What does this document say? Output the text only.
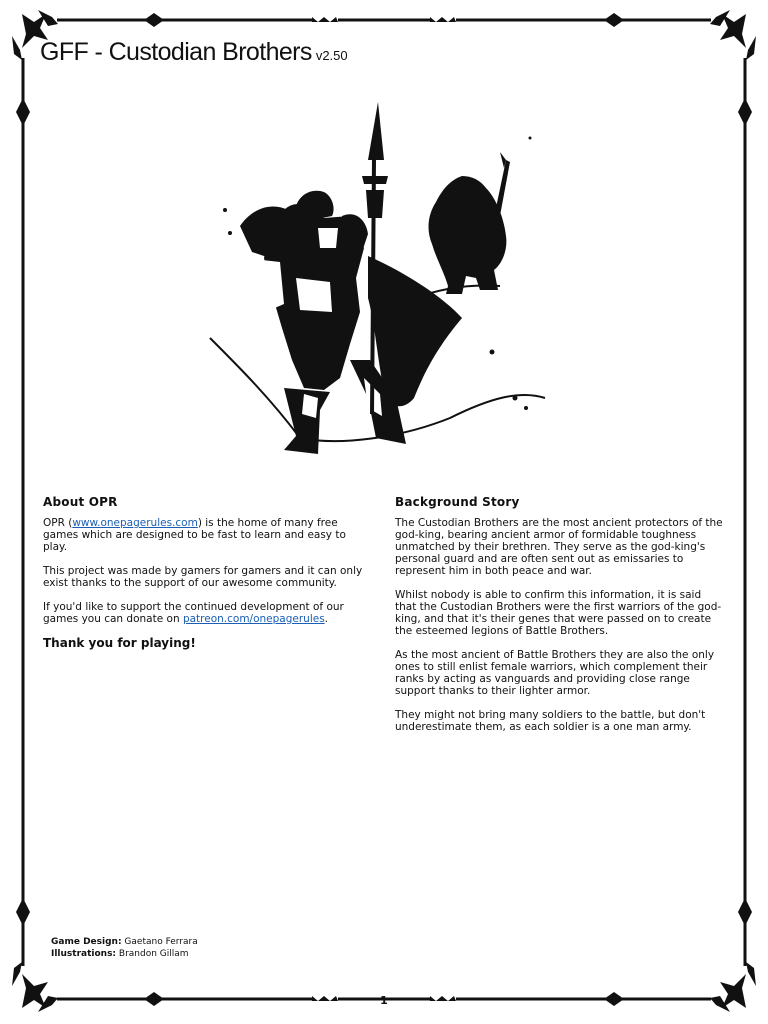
GFF - Custodian Brothers v2.50
About OPR

OPR (www.onepagerules.com) is the home of many free games which are designed to be fast to learn and easy to play.

This project was made by gamers for gamers and it can only exist thanks to the support of our awesome community.

If you'd like to support the continued development of our games you can donate on patreon.com/onepagerules.

Thank you for playing!

Background Story

The Custodian Brothers are the most ancient protectors of the god-king, bearing ancient armor of formidable toughness unmatched by their brethren. They serve as the god-king's personal guard and are often sent out as emissaries to represent him in both peace and war.

Whilst nobody is able to confirm this information, it is said that the Custodian Brothers were the first warriors of the god-king, and that it's their genes that were passed on to create the esteemed legions of Battle Brothers.

As the most ancient of Battle Brothers they are also the only ones to still enlist female warriors, which complement their ranks by acting as vanguards and providing close range support thanks to their lighter armor.

They might not bring many soldiers to the battle, but don't underestimate them, as each soldier is a one man army.

Game Design: Gaetano Ferrara
Illustrations: Brandon Gillam
1
